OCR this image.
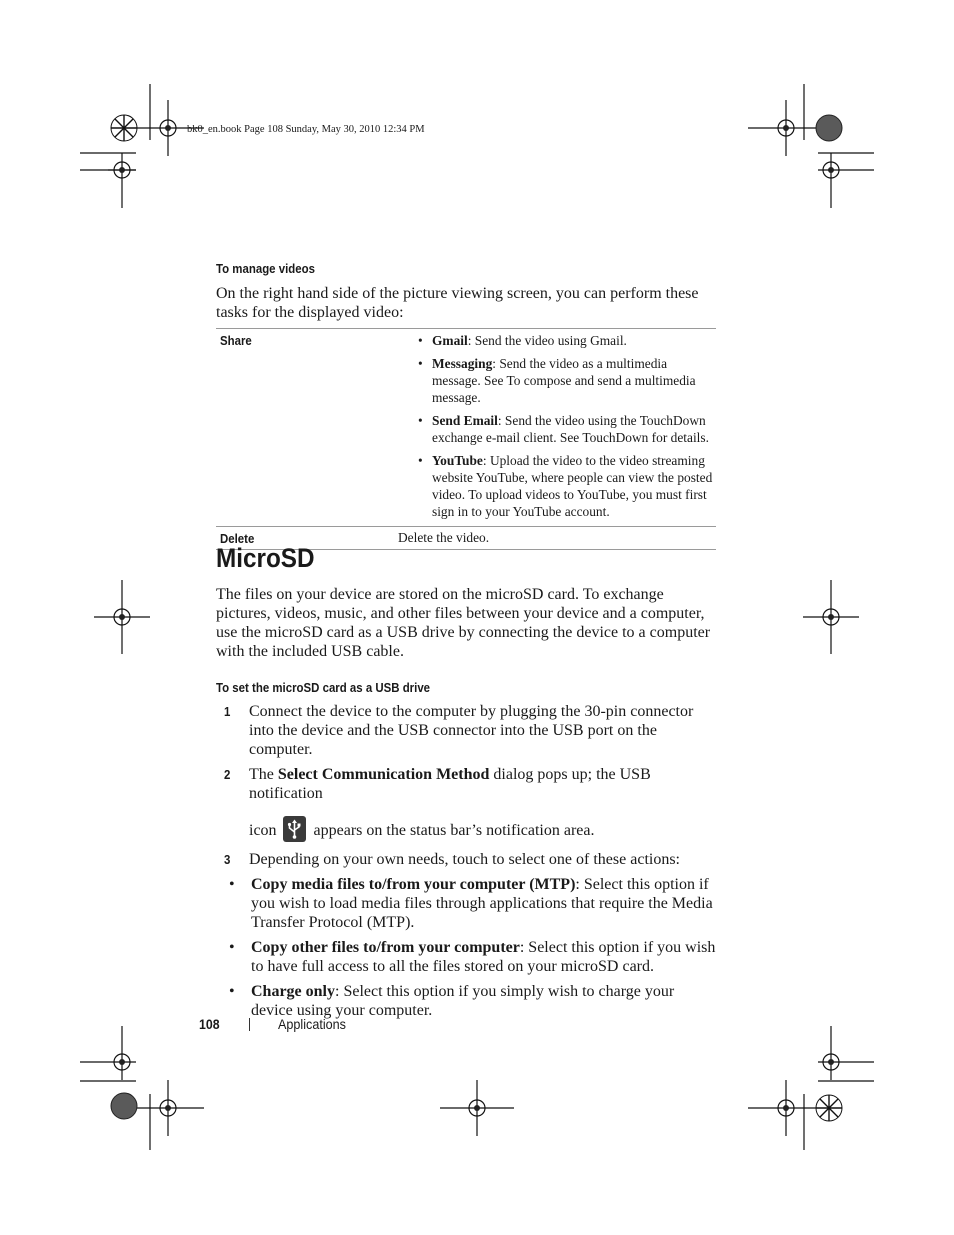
bk0_en.book Page 108 Sunday, May 30, 2010 12:34 PM
To manage videos
On the right hand side of the picture viewing screen, you can perform these tasks for the displayed video:
Share	• Gmail: Send the video using Gmail.
• Messaging: Send the video as a multimedia message. See To compose and send a multimedia message.
• Send Email: Send the video using the TouchDown exchange e-mail client. See TouchDown for details.
• YouTube: Upload the video to the video streaming website YouTube, where people can view the posted video. To upload videos to YouTube, you must first sign in to your YouTube account.
Delete	Delete the video.
MicroSD
The files on your device are stored on the microSD card. To exchange pictures, videos, music, and other files between your device and a computer, use the microSD card as a USB drive by connecting the device to a computer with the included USB cable.
To set the microSD card as a USB drive
1 Connect the device to the computer by plugging the 30-pin connector into the device and the USB connector into the USB port on the computer.
2 The Select Communication Method dialog pops up; the USB notification
icon appears on the status bar’s notification area.
3 Depending on your own needs, touch to select one of these actions:
• Copy media files to/from your computer (MTP): Select this option if you wish to load media files through applications that require the Media Transfer Protocol (MTP).
• Copy other files to/from your computer: Select this option if you wish to have full access to all the files stored on your microSD card.
• Charge only: Select this option if you simply wish to charge your device using your computer.
108	Applications
